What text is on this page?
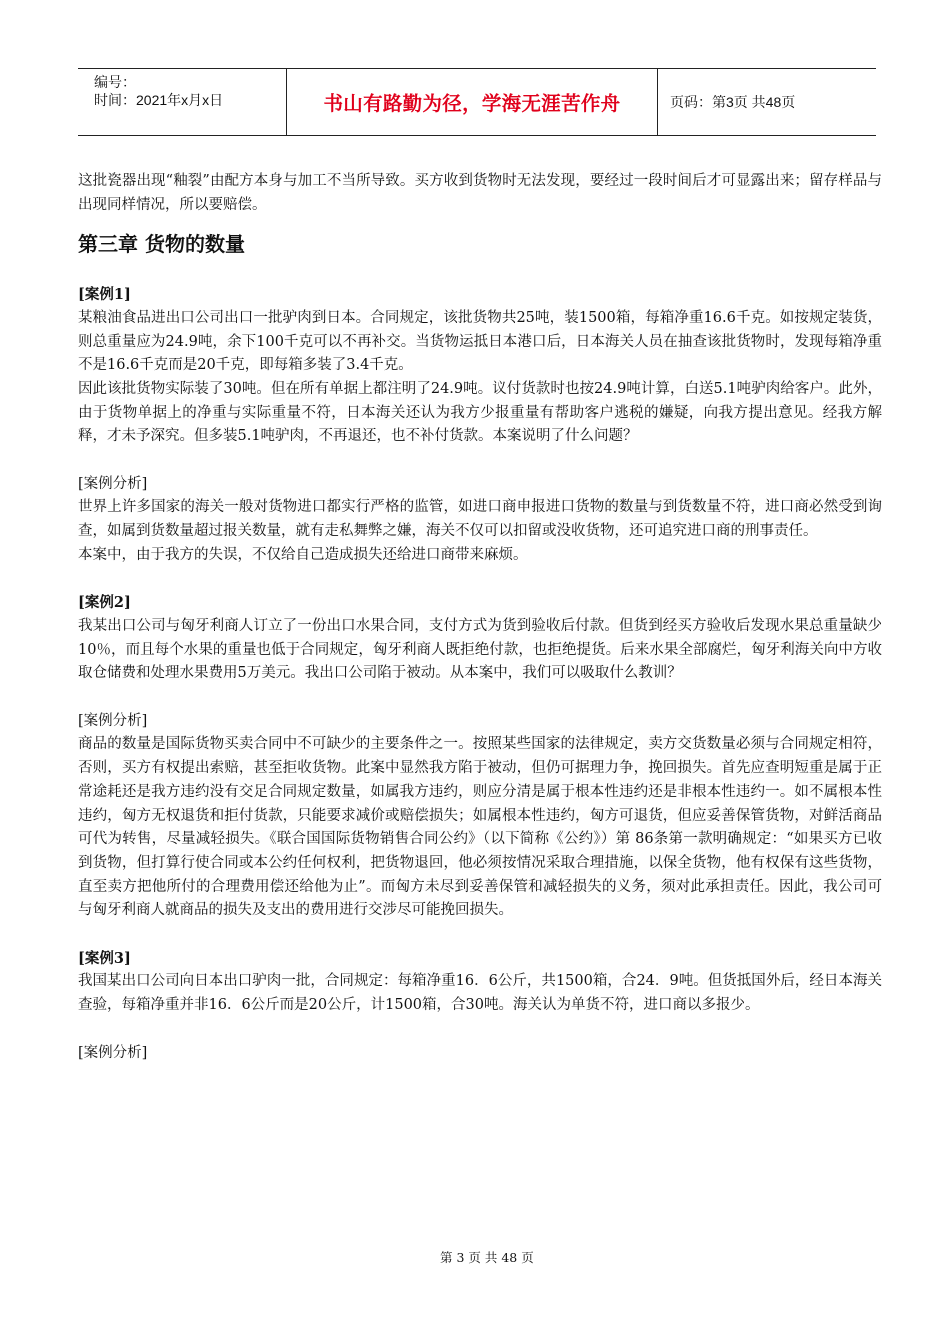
编号：
时间：2021年x月x日	书山有路勤为径，学海无涯苦作舟	页码：第3页 共48页

这批瓷器出现“釉裂”由配方本身与加工不当所导致。买方收到货物时无法发现，要经过一段时间后才可显露出来；留存样品与出现同样情况，所以要赔偿。

第三章 货物的数量

[案例1]

某粮油食品进出口公司出口一批驴肉到日本。合同规定，该批货物共25吨，装1500箱，每箱净重16.6千克。如按规定装货，则总重量应为24.9吨，余下100千克可以不再补交。当货物运抵日本港口后，日本海关人员在抽查该批货物时，发现每箱净重不是16.6千克而是20千克，即每箱多装了3.4千克。

因此该批货物实际装了30吨。但在所有单据上都注明了24.9吨。议付货款时也按24.9吨计算，白送5.1吨驴肉给客户。此外，由于货物单据上的净重与实际重量不符，日本海关还认为我方少报重量有帮助客户逃税的嫌疑，向我方提出意见。经我方解释，才未予深究。但多装5.1吨驴肉，不再退还，也不补付货款。本案说明了什么问题？

[案例分析]

世界上许多国家的海关一般对货物进口都实行严格的监管，如进口商申报进口货物的数量与到货数量不符，进口商必然受到询查，如属到货数量超过报关数量，就有走私舞弊之嫌，海关不仅可以扣留或没收货物，还可追究进口商的刑事责任。

本案中，由于我方的失误，不仅给自己造成损失还给进口商带来麻烦。

[案例2]

我某出口公司与匈牙利商人订立了一份出口水果合同，支付方式为货到验收后付款。但货到经买方验收后发现水果总重量缺少10％，而且每个水果的重量也低于合同规定，匈牙利商人既拒绝付款，也拒绝提货。后来水果全部腐烂，匈牙利海关向中方收取仓储费和处理水果费用5万美元。我出口公司陷于被动。从本案中，我们可以吸取什么教训？

[案例分析]

商品的数量是国际货物买卖合同中不可缺少的主要条件之一。按照某些国家的法律规定，卖方交货数量必须与合同规定相符，否则，买方有权提出索赔，甚至拒收货物。此案中显然我方陷于被动，但仍可据理力争，挽回损失。首先应查明短重是属于正常途耗还是我方违约没有交足合同规定数量，如属我方违约，则应分清是属于根本性违约还是非根本性违约一。如不属根本性违约，匈方无权退货和拒付货款，只能要求减价或赔偿损失；如属根本性违约，匈方可退货，但应妥善保管货物，对鲜活商品可代为转售，尽量减轻损失。《联合国国际货物销售合同公约》（以下简称《公约》）第 86条第一款明确规定：“如果买方已收到货物，但打算行使合同或本公约任何权利，把货物退回，他必须按情况采取合理措施，以保全货物，他有权保有这些货物，直至卖方把他所付的合理费用偿还给他为止”。而匈方未尽到妥善保管和减轻损失的义务，须对此承担责任。因此，我公司可与匈牙利商人就商品的损失及支出的费用进行交涉尽可能挽回损失。

[案例3]

我国某出口公司向日本出口驴肉一批，合同规定：每箱净重16．6公斤，共1500箱，合24．9吨。但货抵国外后，经日本海关查验，每箱净重并非16．6公斤而是20公斤，计1500箱，合30吨。海关认为单货不符，进口商以多报少。

[案例分析]

第 3 页 共 48 页
